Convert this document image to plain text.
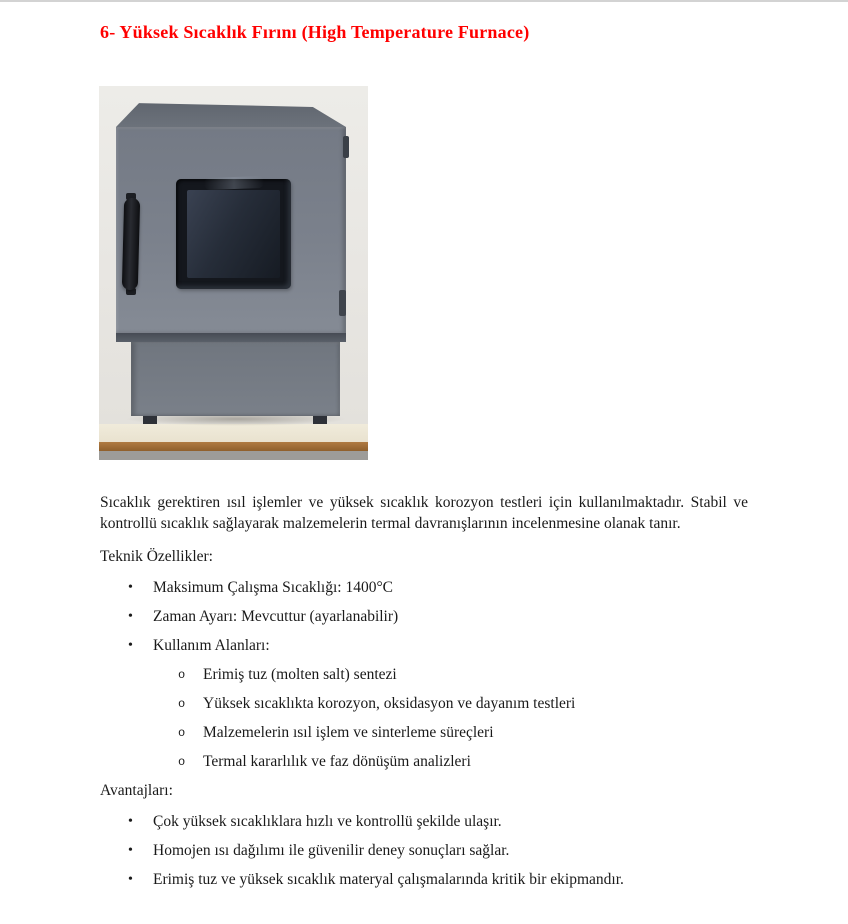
6- Yüksek Sıcaklık Fırını (High Temperature Furnace)

Sıcaklık gerektiren ısıl işlemler ve yüksek sıcaklık korozyon testleri için kullanılmaktadır. Stabil ve kontrollü sıcaklık sağlayarak malzemelerin termal davranışlarının incelenmesine olanak tanır.

Teknik Özellikler:

• Maksimum Çalışma Sıcaklığı: 1400°C
• Zaman Ayarı: Mevcuttur (ayarlanabilir)
• Kullanım Alanları:
o Erimiş tuz (molten salt) sentezi
o Yüksek sıcaklıkta korozyon, oksidasyon ve dayanım testleri
o Malzemelerin ısıl işlem ve sinterleme süreçleri
o Termal kararlılık ve faz dönüşüm analizleri

Avantajları:

• Çok yüksek sıcaklıklara hızlı ve kontrollü şekilde ulaşır.
• Homojen ısı dağılımı ile güvenilir deney sonuçları sağlar.
• Erimiş tuz ve yüksek sıcaklık materyal çalışmalarında kritik bir ekipmandır.
